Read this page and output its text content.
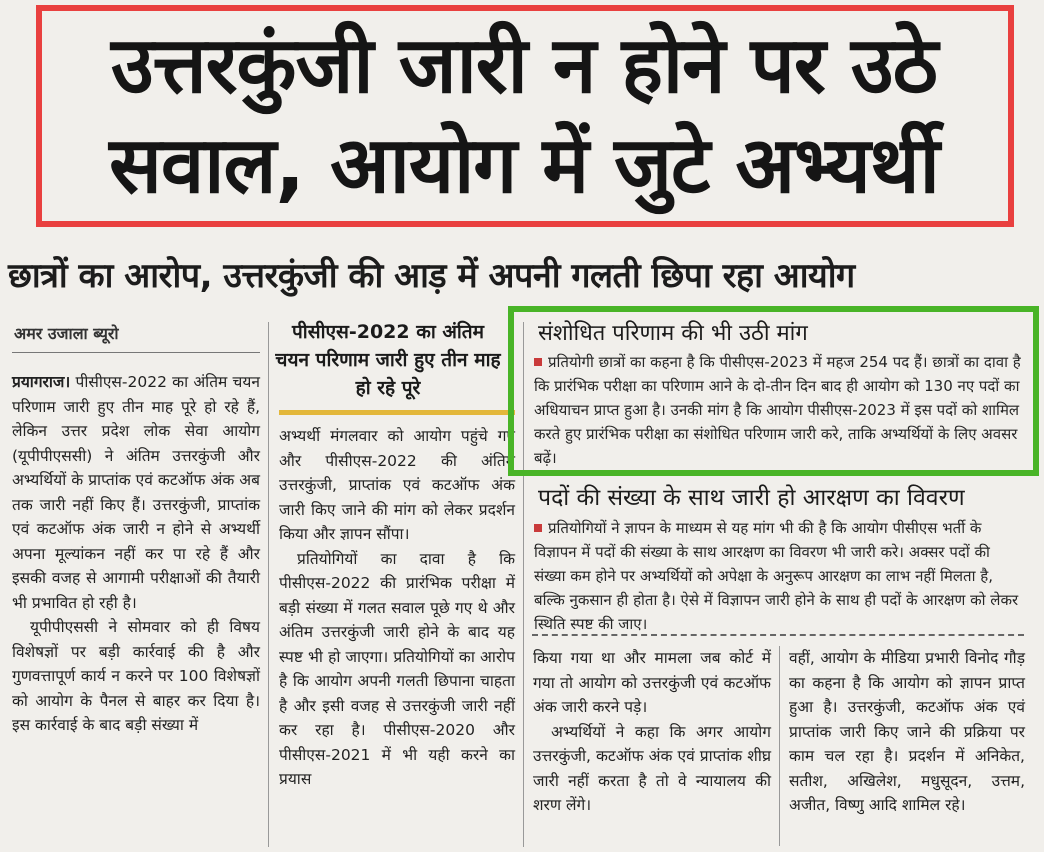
उत्तरकुंजी जारी न होने पर उठे
सवाल, आयोग में जुटे अभ्यर्थी
छात्रों का आरोप, उत्तरकुंजी की आड़ में अपनी गलती छिपा रहा आयोग
अमर उजाला ब्यूरो

प्रयागराज। पीसीएस-2022 का अंतिम चयन परिणाम जारी हुए तीन माह पूरे हो रहे हैं, लेकिन उत्तर प्रदेश लोक सेवा आयोग (यूपीपीएससी) ने अंतिम उत्तरकुंजी और अभ्यर्थियों के प्राप्तांक एवं कटऑफ अंक अब तक जारी नहीं किए हैं। उत्तरकुंजी, प्राप्तांक एवं कटऑफ अंक जारी न होने से अभ्यर्थी अपना मूल्यांकन नहीं कर पा रहे हैं और इसकी वजह से आगामी परीक्षाओं की तैयारी भी प्रभावित हो रही है।

यूपीपीएससी ने सोमवार को ही विषय विशेषज्ञों पर बड़ी कार्रवाई की है और गुणवत्तापूर्ण कार्य न करने पर 100 विशेषज्ञों को आयोग के पैनल से बाहर कर दिया है। इस कार्रवाई के बाद बड़ी संख्या में

पीसीएस-2022 का अंतिम चयन परिणाम जारी हुए तीन माह हो रहे पूरे

अभ्यर्थी मंगलवार को आयोग पहुंचे गए और पीसीएस-2022 की अंतिम उत्तरकुंजी, प्राप्तांक एवं कटऑफ अंक जारी किए जाने की मांग को लेकर प्रदर्शन किया और ज्ञापन सौंपा।

प्रतियोगियों का दावा है कि पीसीएस-2022 की प्रारंभिक परीक्षा में बड़ी संख्या में गलत सवाल पूछे गए थे और अंतिम उत्तरकुंजी जारी होने के बाद यह स्पष्ट भी हो जाएगा। प्रतियोगियों का आरोप है कि आयोग अपनी गलती छिपाना चाहता है और इसी वजह से उत्तरकुंजी जारी नहीं कर रहा है। पीसीएस-2020 और पीसीएस-2021 में भी यही करने का प्रयास

संशोधित परिणाम की भी उठी मांग
प्रतियोगी छात्रों का कहना है कि पीसीएस-2023 में महज 254 पद हैं। छात्रों का दावा है कि प्रारंभिक परीक्षा का परिणाम आने के दो-तीन दिन बाद ही आयोग को 130 नए पदों का अधियाचन प्राप्त हुआ है। उनकी मांग है कि आयोग पीसीएस-2023 में इस पदों को शामिल करते हुए प्रारंभिक परीक्षा का संशोधित परिणाम जारी करे, ताकि अभ्यर्थियों के लिए अवसर बढ़ें।
पदों की संख्या के साथ जारी हो आरक्षण का विवरण
प्रतियोगियों ने ज्ञापन के माध्यम से यह मांग भी की है कि आयोग पीसीएस भर्ती के विज्ञापन में पदों की संख्या के साथ आरक्षण का विवरण भी जारी करे। अक्सर पदों की संख्या कम होने पर अभ्यर्थियों को अपेक्षा के अनुरूप आरक्षण का लाभ नहीं मिलता है, बल्कि नुकसान ही होता है। ऐसे में विज्ञापन जारी होने के साथ ही पदों के आरक्षण को लेकर स्थिति स्पष्ट की जाए।

किया गया था और मामला जब कोर्ट में गया तो आयोग को उत्तरकुंजी एवं कटऑफ अंक जारी करने पड़े।

अभ्यर्थियों ने कहा कि अगर आयोग उत्तरकुंजी, कटऑफ अंक एवं प्राप्तांक शीघ्र जारी नहीं करता है तो वे न्यायालय की शरण लेंगे।

वहीं, आयोग के मीडिया प्रभारी विनोद गौड़ का कहना है कि आयोग को ज्ञापन प्राप्त हुआ है। उत्तरकुंजी, कटऑफ अंक एवं प्राप्तांक जारी किए जाने की प्रक्रिया पर काम चल रहा है। प्रदर्शन में अनिकेत, सतीश, अखिलेश, मधुसूदन, उत्तम, अजीत, विष्णु आदि शामिल रहे।
